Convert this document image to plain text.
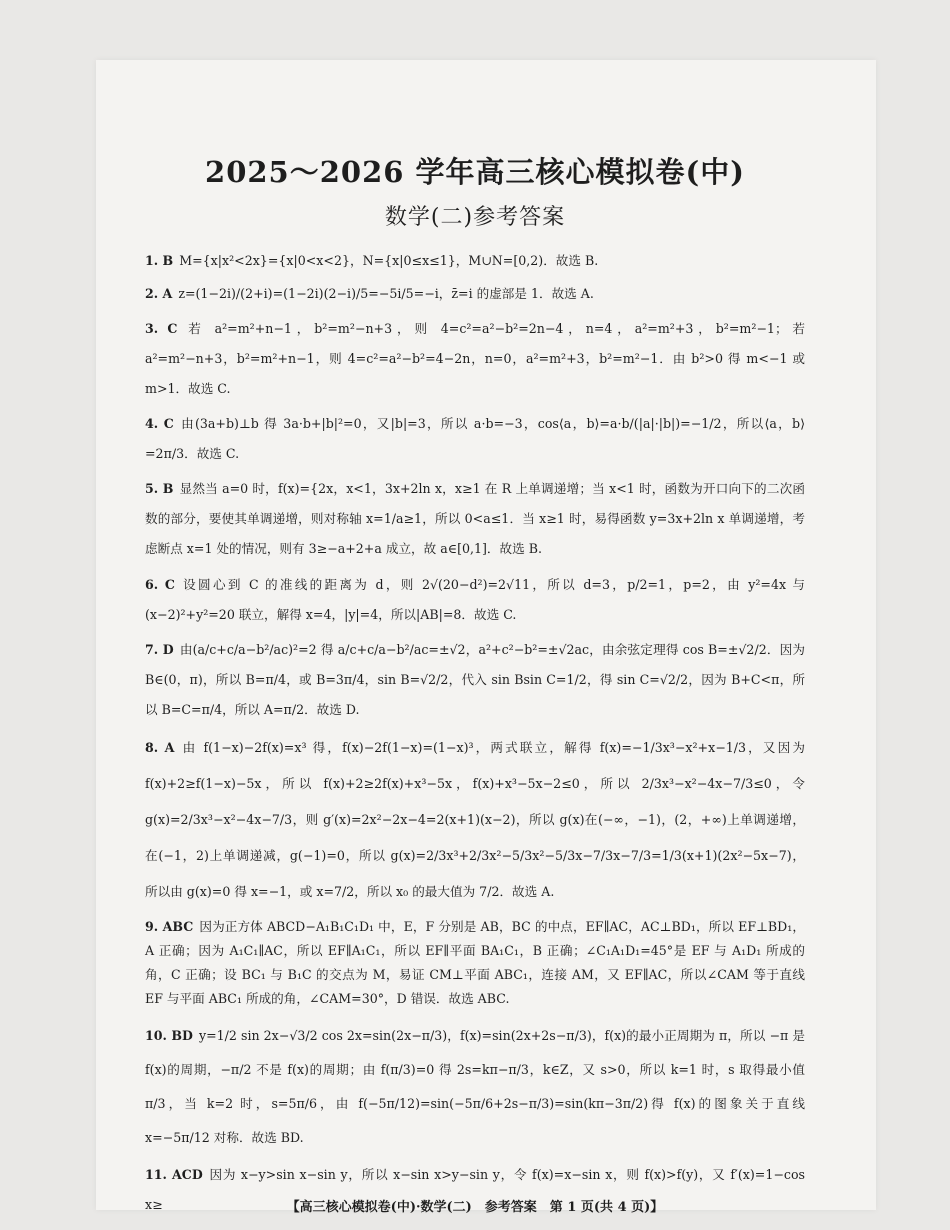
2025～2026 学年高三核心模拟卷(中)
数学(二)参考答案
1. B M={x|x²<2x}={x|0<x<2}，N={x|0≤x≤1}，M∪N=[0,2)．故选 B.
2. A z=(1−2i)/(2+i)=(1−2i)(2−i)/5=−5i/5=−i，z̄=i 的虚部是 1．故选 A.
3. C 若 a²=m²+n−1，b²=m²−n+3，则 4=c²=a²−b²=2n−4，n=4，a²=m²+3，b²=m²−1；若 a²=m²−n+3，b²=m²+n−1，则 4=c²=a²−b²=4−2n，n=0，a²=m²+3，b²=m²−1．由 b²>0 得 m<−1 或 m>1．故选 C.
4. C 由(3a+b)⊥b 得 3a·b+|b|²=0，又|b|=3，所以 a·b=−3，cos⟨a，b⟩=a·b/(|a|·|b|)=−1/2，所以⟨a，b⟩=2π/3．故选 C.
5. B 显然当 a=0 时，f(x)={2x，x<1，3x+2ln x，x≥1 在 R 上单调递增；当 x<1 时，函数为开口向下的二次函数的部分，要使其单调递增，则对称轴 x=1/a≥1，所以 0<a≤1．当 x≥1 时，易得函数 y=3x+2ln x 单调递增，考虑断点 x=1 处的情况，则有 3≥−a+2+a 成立，故 a∈[0,1]．故选 B.
6. C 设圆心到 C 的准线的距离为 d，则 2√(20−d²)=2√11，所以 d=3，p/2=1，p=2，由 y²=4x 与(x−2)²+y²=20 联立，解得 x=4，|y|=4，所以|AB|=8．故选 C.
7. D 由(a/c+c/a−b²/ac)²=2 得 a/c+c/a−b²/ac=±√2，a²+c²−b²=±√2ac，由余弦定理得 cos B=±√2/2．因为 B∈(0，π)，所以 B=π/4，或 B=3π/4，sin B=√2/2，代入 sin Bsin C=1/2，得 sin C=√2/2，因为 B+C<π，所以 B=C=π/4，所以 A=π/2．故选 D.
8. A 由 f(1−x)−2f(x)=x³ 得，f(x)−2f(1−x)=(1−x)³，两式联立，解得 f(x)=−1/3x³−x²+x−1/3，又因为 f(x)+2≥f(1−x)−5x，所以 f(x)+2≥2f(x)+x³−5x，f(x)+x³−5x−2≤0，所以 2/3x³−x²−4x−7/3≤0，令 g(x)=2/3x³−x²−4x−7/3，则 g′(x)=2x²−2x−4=2(x+1)(x−2)，所以 g(x)在(−∞，−1)，(2，+∞)上单调递增，在(−1，2)上单调递减，g(−1)=0，所以 g(x)=2/3x³+2/3x²−5/3x²−5/3x−7/3x−7/3=1/3(x+1)(2x²−5x−7)，所以由 g(x)=0 得 x=−1，或 x=7/2，所以 x₀ 的最大值为 7/2．故选 A.
9. ABC 因为正方体 ABCD−A₁B₁C₁D₁ 中，E，F 分别是 AB，BC 的中点，EF∥AC，AC⊥BD₁，所以 EF⊥BD₁，A 正确；因为 A₁C₁∥AC，所以 EF∥A₁C₁，所以 EF∥平面 BA₁C₁，B 正确；∠C₁A₁D₁=45°是 EF 与 A₁D₁ 所成的角，C 正确；设 BC₁ 与 B₁C 的交点为 M，易证 CM⊥平面 ABC₁，连接 AM，又 EF∥AC，所以∠CAM 等于直线 EF 与平面 ABC₁ 所成的角，∠CAM=30°，D 错误．故选 ABC.
10. BD y=1/2 sin 2x−√3/2 cos 2x=sin(2x−π/3)，f(x)=sin(2x+2s−π/3)，f(x)的最小正周期为 π，所以 −π 是 f(x)的周期，−π/2 不是 f(x)的周期；由 f(π/3)=0 得 2s=kπ−π/3，k∈Z，又 s>0，所以 k=1 时，s 取得最小值 π/3，当 k=2 时，s=5π/6，由 f(−5π/12)=sin(−5π/6+2s−π/3)=sin(kπ−3π/2)得 f(x)的图象关于直线 x=−5π/12 对称．故选 BD.
11. ACD 因为 x−y>sin x−sin y，所以 x−sin x>y−sin y，令 f(x)=x−sin x，则 f(x)>f(y)，又 f′(x)=1−cos x≥	【高三核心模拟卷(中)·数学(二)　参考答案　第 1 页(共 4 页)】
